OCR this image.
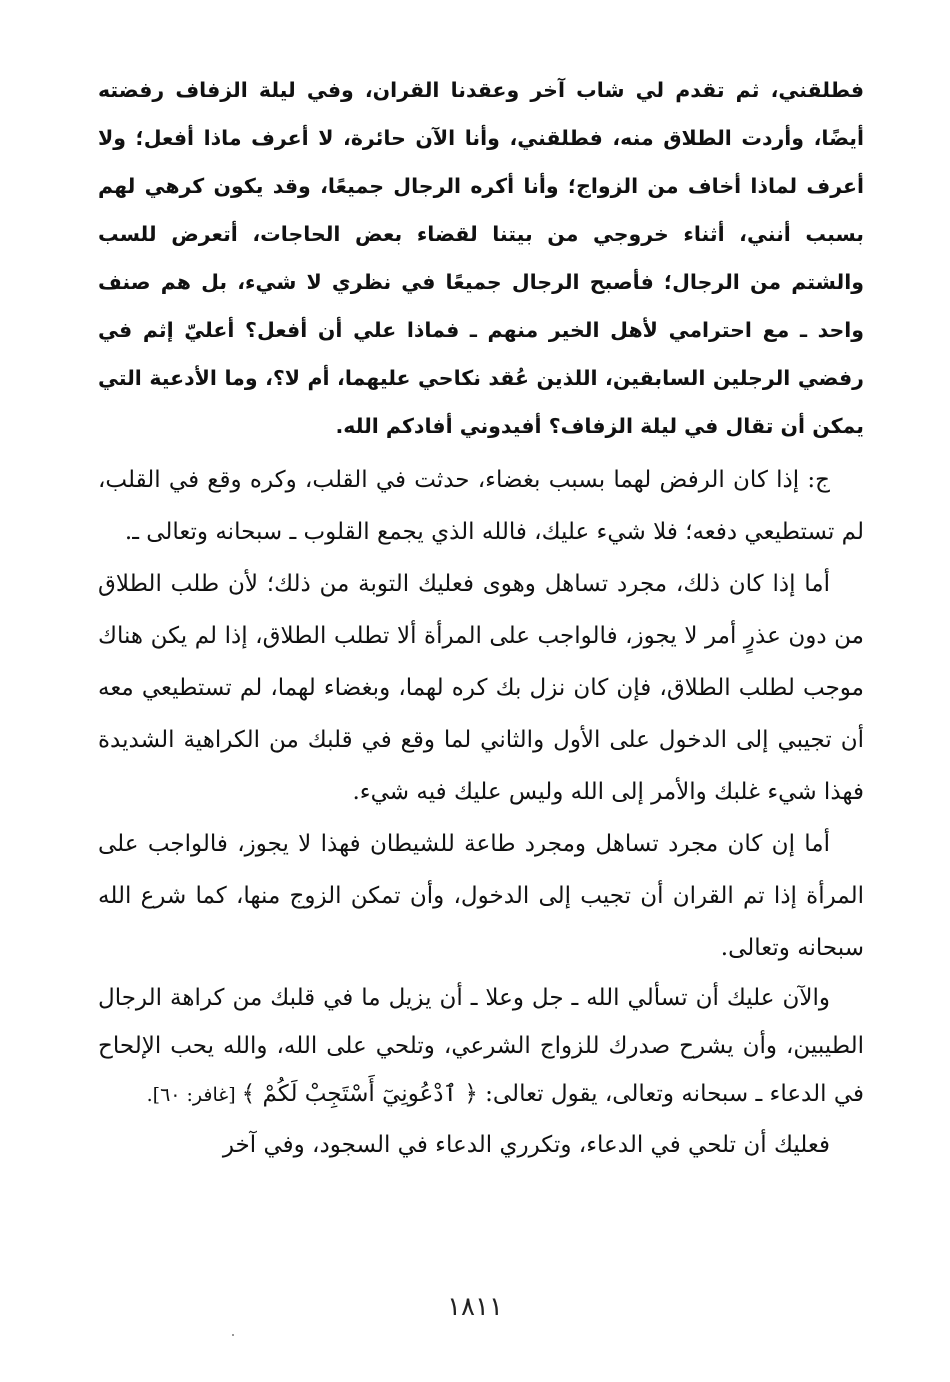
فطلقني، ثم تقدم لي شاب آخر وعقدنا القران، وفي ليلة الزفاف رفضته أيضًا، وأردت الطلاق منه، فطلقني، وأنا الآن حائرة، لا أعرف ماذا أفعل؛ ولا أعرف لماذا أخاف من الزواج؛ وأنا أكره الرجال جميعًا، وقد يكون كرهي لهم بسبب أنني، أثناء خروجي من بيتنا لقضاء بعض الحاجات، أتعرض للسب والشتم من الرجال؛ فأصبح الرجال جميعًا في نظري لا شيء، بل هم صنف واحد ـ مع احترامي لأهل الخير منهم ـ فماذا علي أن أفعل؟ أعليّ إثم في رفضي الرجلين السابقين، اللذين عُقد نكاحي عليهما، أم لا؟، وما الأدعية التي يمكن أن تقال في ليلة الزفاف؟ أفيدوني أفادكم الله.

ج: إذا كان الرفض لهما بسبب بغضاء، حدثت في القلب، وكره وقع في القلب، لم تستطيعي دفعه؛ فلا شيء عليك، فالله الذي يجمع القلوب ـ سبحانه وتعالى ـ.

أما إذا كان ذلك، مجرد تساهل وهوى فعليك التوبة من ذلك؛ لأن طلب الطلاق من دون عذرٍ أمر لا يجوز، فالواجب على المرأة ألا تطلب الطلاق، إذا لم يكن هناك موجب لطلب الطلاق، فإن كان نزل بك كره لهما، وبغضاء لهما، لم تستطيعي معه أن تجيبي إلى الدخول على الأول والثاني لما وقع في قلبك من الكراهية الشديدة فهذا شيء غلبك والأمر إلى الله وليس عليك فيه شيء.

أما إن كان مجرد تساهل ومجرد طاعة للشيطان فهذا لا يجوز، فالواجب على المرأة إذا تم القران أن تجيب إلى الدخول، وأن تمكن الزوج منها، كما شرع الله سبحانه وتعالى.

والآن عليك أن تسألي الله ـ جل وعلا ـ أن يزيل ما في قلبك من كراهة الرجال الطيبين، وأن يشرح صدرك للزواج الشرعي، وتلحي على الله، والله يحب الإلحاح في الدعاء ـ سبحانه وتعالى، يقول تعالى: ﴿ ٱدْعُونِيٓ أَسْتَجِبْ لَكُمْ ﴾ [غافر: ٦٠].

فعليك أن تلحي في الدعاء، وتكرري الدعاء في السجود، وفي آخر

١٨١١
